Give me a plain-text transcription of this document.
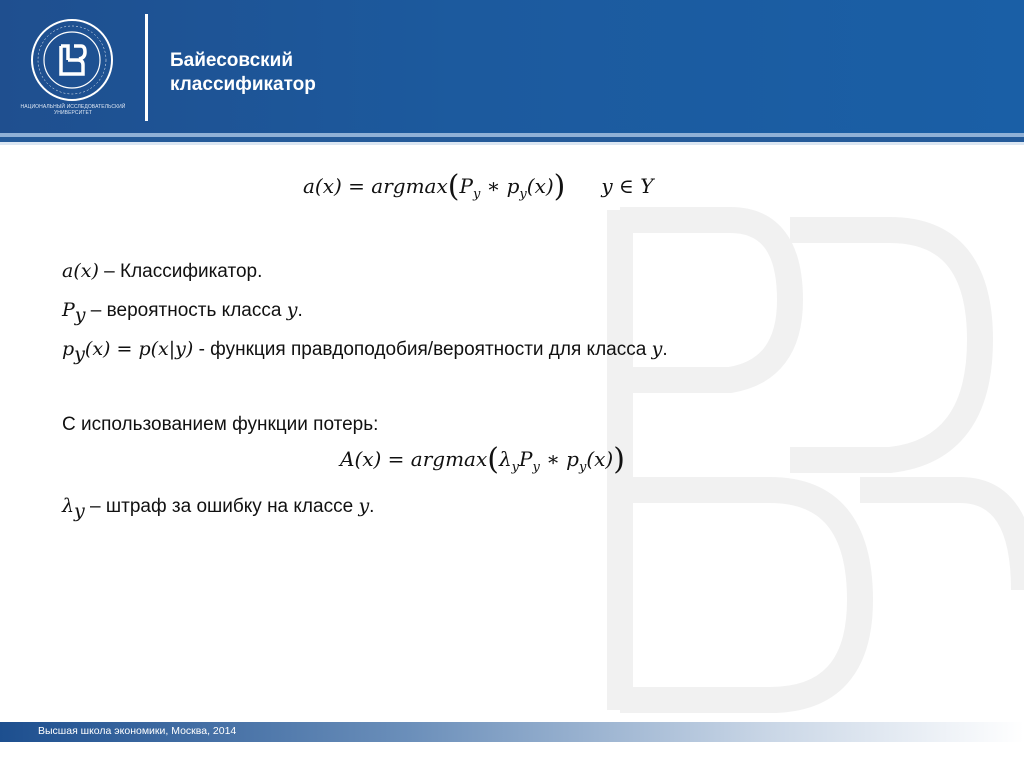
НАЦИОНАЛЬНЫЙ ИССЛЕДОВАТЕЛЬСКИЙ
УНИВЕРСИТЕТ
Байесовский
классификатор
$a(x) = argmax(P_y$ ∗ $p_y(x)$) y ∈ Y
a(x) – Классификатор.
Py – вероятность класса y.
py(x) = p(x|y) - функция правдоподобия/вероятности для класса y.
С использованием функции потерь:
$A(x) = argmax(\lambda_yP_y$ ∗ $p_y(x)$)
λy – штраф за ошибку на классе y.
Высшая школа экономики, Москва, 2014
